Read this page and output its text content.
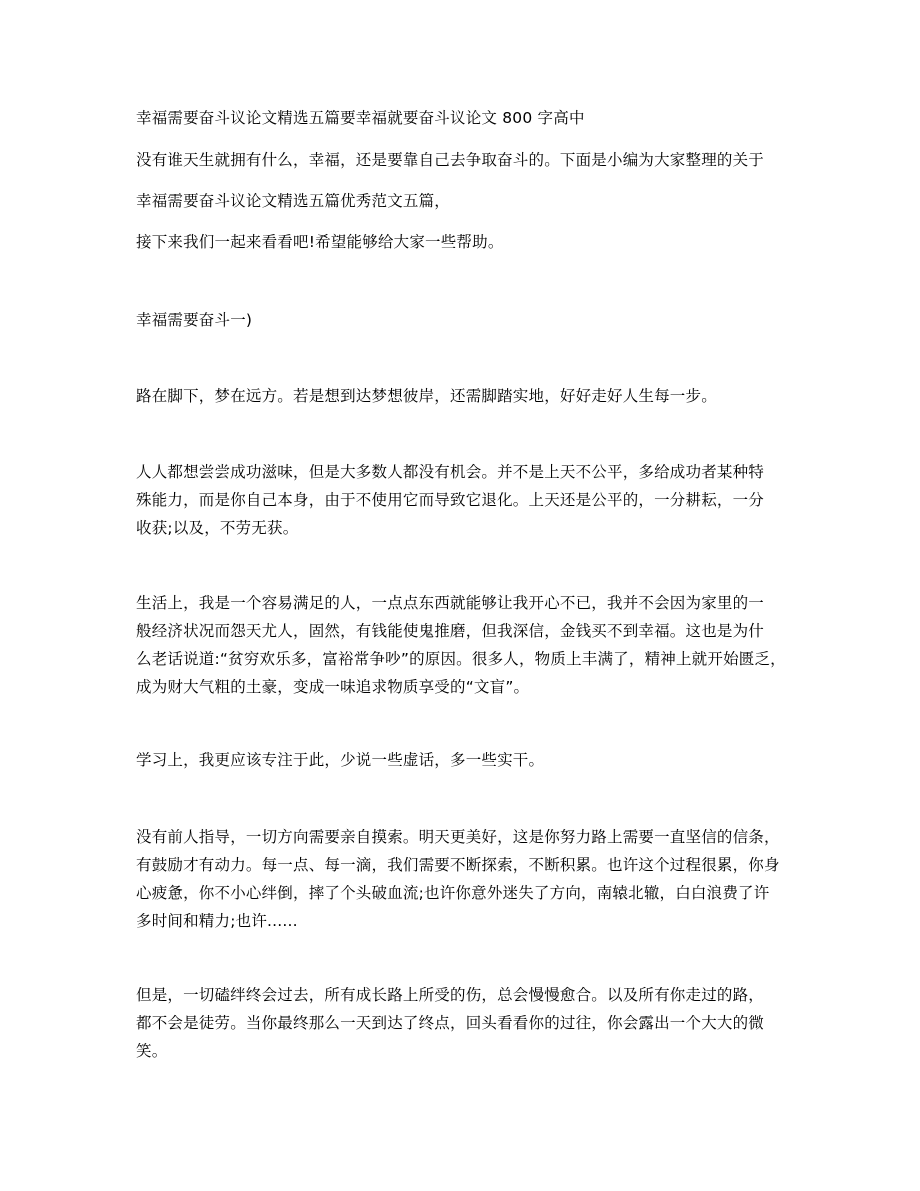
幸福需要奋斗议论文精选五篇要幸福就要奋斗议论文 800 字高中
没有谁天生就拥有什么，幸福，还是要靠自己去争取奋斗的。下面是小编为大家整理的关于
幸福需要奋斗议论文精选五篇优秀范文五篇，
接下来我们一起来看看吧!希望能够给大家一些帮助。
幸福需要奋斗一)
路在脚下，梦在远方。若是想到达梦想彼岸，还需脚踏实地，好好走好人生每一步。
人人都想尝尝成功滋味，但是大多数人都没有机会。并不是上天不公平，多给成功者某种特
殊能力，而是你自己本身，由于不使用它而导致它退化。上天还是公平的，一分耕耘，一分
收获;以及，不劳无获。
生活上，我是一个容易满足的人，一点点东西就能够让我开心不已，我并不会因为家里的一
般经济状况而怨天尤人，固然，有钱能使鬼推磨，但我深信，金钱买不到幸福。这也是为什
么老话说道:“贫穷欢乐多，富裕常争吵”的原因。很多人，物质上丰满了，精神上就开始匮乏，
成为财大气粗的土豪，变成一味追求物质享受的“文盲”。
学习上，我更应该专注于此，少说一些虚话，多一些实干。
没有前人指导，一切方向需要亲自摸索。明天更美好，这是你努力路上需要一直坚信的信条，
有鼓励才有动力。每一点、每一滴，我们需要不断探索，不断积累。也许这个过程很累，你身
心疲惫，你不小心绊倒，摔了个头破血流;也许你意外迷失了方向，南辕北辙，白白浪费了许
多时间和精力;也许......
但是，一切磕绊终会过去，所有成长路上所受的伤，总会慢慢愈合。以及所有你走过的路，
都不会是徒劳。当你最终那么一天到达了终点，回头看看你的过往，你会露出一个大大的微
笑。
